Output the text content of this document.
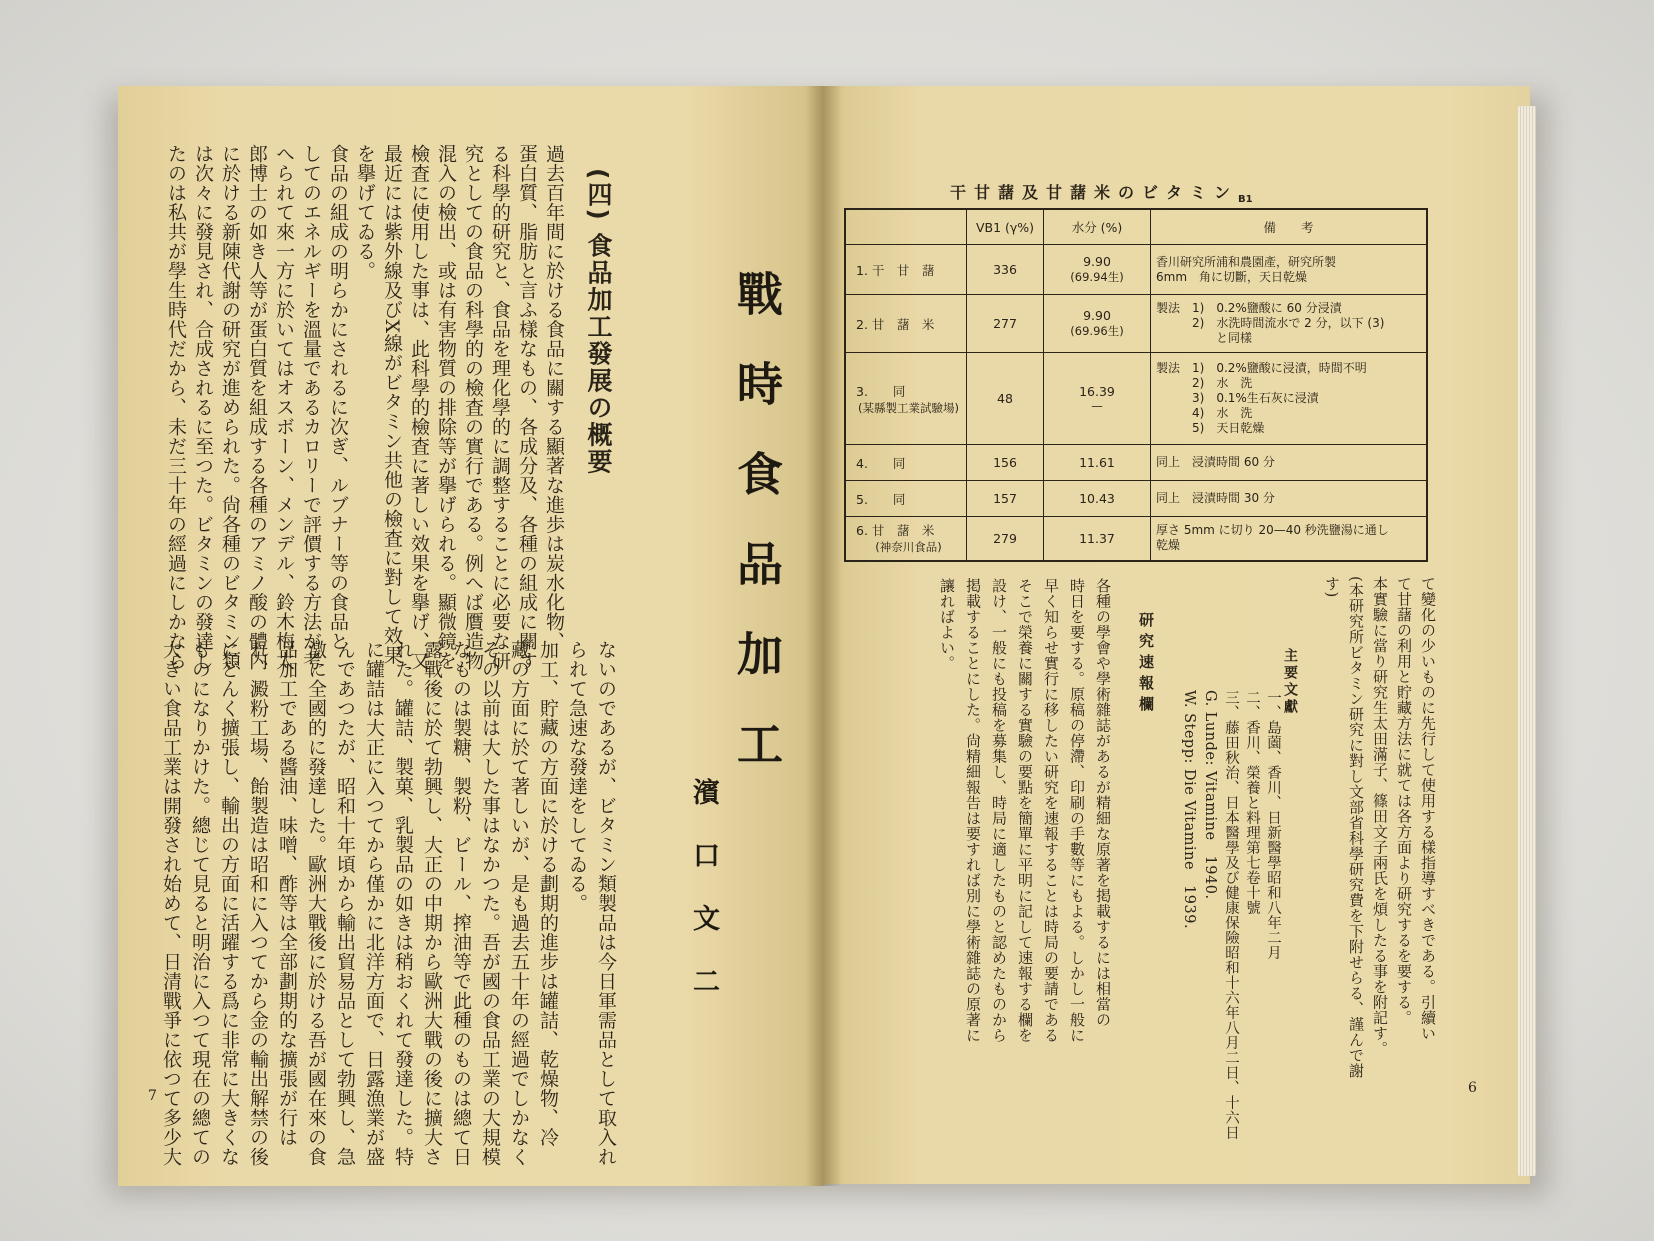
(四) 食品加工發展の概要

過去百年間に於ける食品に關する顯著な進歩は炭水化物、

蛋白質、脂肪と言ふ樣なもの、各成分及、各種の組成に關す

る科學的研究と、食品を理化學的に調整することに必要な研

究としての食品の科學的の檢査の實行である。例へば贋造物

混入の檢出、或は有害物質の排除等が擧げられる。顯微鏡を

檢査に使用した事は、此科學的檢査に著しい效果を擧げ、又

最近には紫外線及びX線がビタミン共他の檢査に對して效果

を擧げてゐる。

食品の組成の明らかにされるに次ぎ、ルブナー等の食品と

してのエネルギーを溫量であるカロリーで評價する方法が考

へられて來一方に於いてはオスボーン、メンデル、鈴木梅太

郎博士の如き人等が蛋白質を組成する各種のアミノ酸の體内

に於ける新陳代謝の研究が進められた。尙各種のビタミン類

は次々に發見され、合成されるに至つた。ビタミンの發達し

たのは私共が學生時代だから、未だ三十年の經過にしかなら

ないのであるが、ビタミン類製品は今日軍需品として取入れ

られて急速な發達をしてゐる。

加工、貯藏の方面に於ける劃期的進步は罐詰、乾燥物、冷

藏の方面に於て著しいが、是も過去五十年の經過でしかなく

その以前は大した事はなかつた。吾が國の食品工業の大規模

なものは製糖、製粉、ビール、搾油等で此種のものは總て日

露戰後に於て勃興し、大正の中期から歐洲大戰の後に擴大さ

れた。罐詰、製菓、乳製品の如きは稍おくれて發達した。特

に罐詰は大正に入つてから僅かに北洋方面で、日露漁業が盛

んであつたが、昭和十年頃から輸出貿易品として勃興し、急

激に全國的に發達した。歐洲大戰後に於ける吾が國在來の食

品加工である醬油、味噌、酢等は全部劃期的な擴張が行は

れ、澱粉工場、飴製造は昭和に入つてから金の輸出解禁の後

にどんく擴張し、輸出の方面に活躍する爲に非常に大きくな

ものになりかけた。總じて見ると明治に入つて現在の總ての

大きい食品工業は開發され始めて、日清戰爭に依つて多少大

戰時食品加工
濱口文二
7
干甘藷及甘藷米のビタミン$_{B1}$
	VB1 (γ%)	水分 (%)	備　　考
1. 干　甘　藷	336	9.90
(69.94生)	香川研究所浦和農園產，研究所製
6mm　角に切斷，天日乾燥

2. 甘　藷　米	277	9.90
(69.96生)	製法　1)　0.2%鹽酸に 60 分浸漬
　　　2)　水洗時間流水で 2 分，以下 (3)
　　　　　と同樣

3.　　同
(某縣製工業試驗場)	48	16.39
—	製法　1)　0.2%鹽酸に浸漬，時間不明
　　　2)　水　洗
　　　3)　0.1%生石灰に浸漬
　　　4)　水　洗
　　　5)　天日乾燥

4.　　同	156	11.61	同上　浸漬時間 60 分

5.　　同	157	10.43	同上　浸漬時間 30 分

6. 甘　藷　米
(神奈川食品)	279	11.37	厚さ 5mm に切り 20—40 秒洗鹽湯に通し
乾燥

て變化の少いものに先行して使用する樣指導すべきである。引續い

て甘藷の利用と貯藏方法に就ては各方面より研究するを要する。

本實驗に當り研究生太田滿子、篠田文子兩氏を煩したる事を附記す。

(本研究所ビタミン研究に對し文部省科學研究費を下附せらる、謹んで謝

す)

主要文獻

一、島薗、香川、日新醫學昭和八年二月

二、香川、榮養と料理第七卷十號

三、藤田秋治、日本醫學及び健康保險昭和十六年八月二日、十六日

G. Lunde: Vitamine　1940.

W. Stepp: Die Vitamine　1939.

研究速報欄

各種の學會や學術雜誌があるが精細な原著を掲載するには相當の

時日を要する。原稿の停滯、印刷の手數等にもよる。しかし一般に

早く知らせ實行に移したい研究を速報することは時局の要請である

そこで榮養に關する實驗の要點を簡單に平明に記して速報する欄を

設け、一般にも投稿を募集し、時局に適したものと認めたものから

掲載することにした。尙精細報告は要すれば別に學術雜誌の原著に

讓ればよい。

6
